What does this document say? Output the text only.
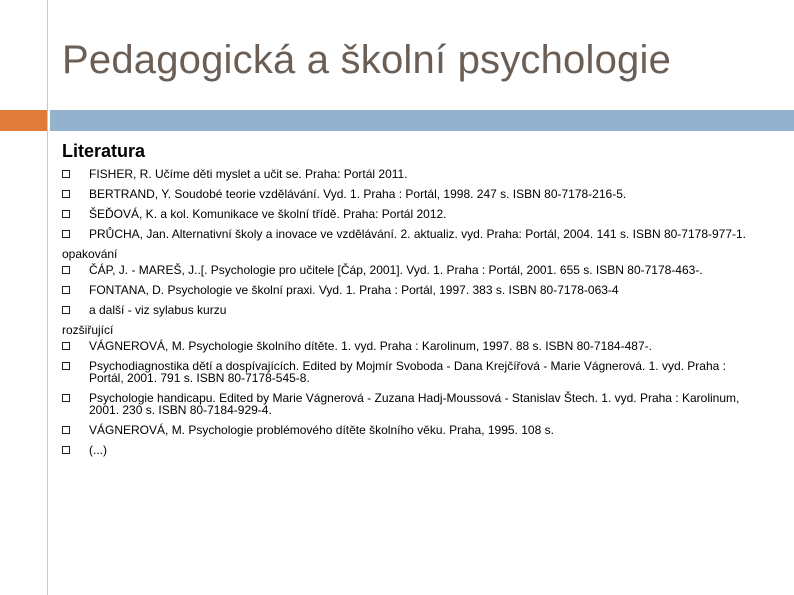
Pedagogická a školní psychologie
Literatura
FISHER, R. Učíme děti myslet a učit se. Praha: Portál 2011.
BERTRAND, Y. Soudobé teorie vzdělávání. Vyd. 1. Praha : Portál, 1998. 247 s. ISBN 80-7178-216-5.
ŠEĎOVÁ, K. a kol. Komunikace ve školní třídě. Praha: Portál 2012.
PRŮCHA, Jan. Alternativní školy a inovace ve vzdělávání. 2. aktualiz. vyd. Praha: Portál, 2004. 141 s. ISBN 80-7178-977-1.
opakování
ČÁP, J. - MAREŠ, J..[. Psychologie pro učitele [Čáp, 2001]. Vyd. 1. Praha : Portál, 2001. 655 s. ISBN 80-7178-463-.
FONTANA, D. Psychologie ve školní praxi. Vyd. 1. Praha : Portál, 1997. 383 s. ISBN 80-7178-063-4
a další - viz sylabus kurzu
rozšiřující
VÁGNEROVÁ, M. Psychologie školního dítěte. 1. vyd. Praha : Karolinum, 1997. 88 s. ISBN 80-7184-487-.
Psychodiagnostika dětí a dospívajících. Edited by Mojmír Svoboda - Dana Krejčířová - Marie Vágnerová. 1. vyd. Praha : Portál, 2001. 791 s. ISBN 80-7178-545-8.
Psychologie handicapu. Edited by Marie Vágnerová - Zuzana Hadj-Moussová - Stanislav Štech. 1. vyd. Praha : Karolinum, 2001. 230 s. ISBN 80-7184-929-4.
VÁGNEROVÁ, M. Psychologie problémového dítěte školního věku. Praha, 1995. 108 s.
(...)
